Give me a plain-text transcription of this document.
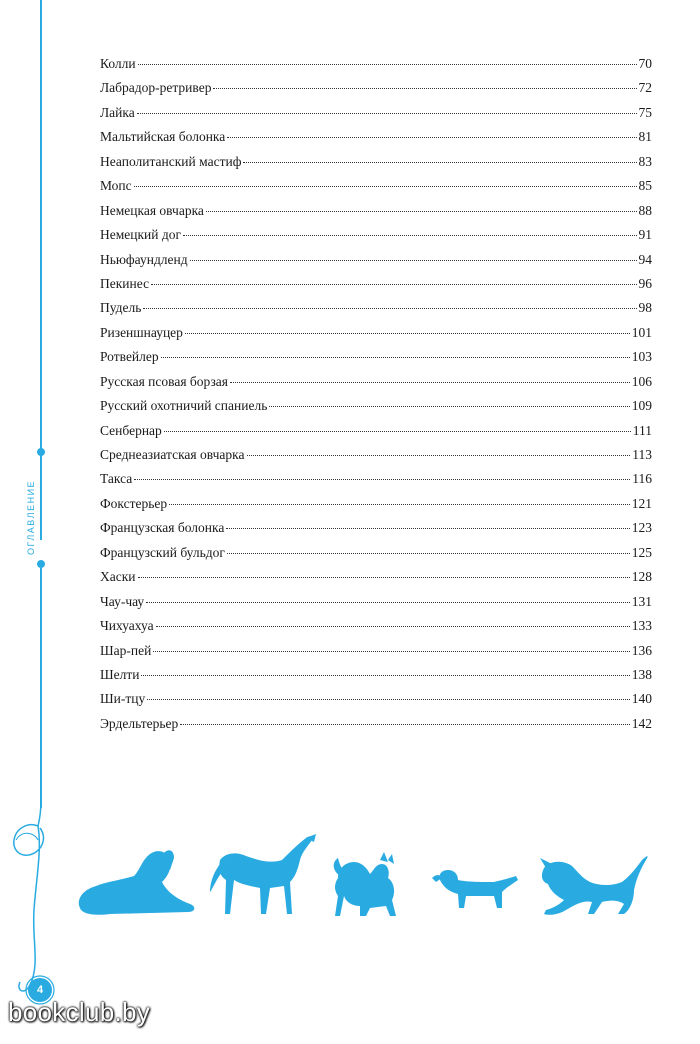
ОГЛАВЛЕНИЕ
Колли	70
Лабрадор-ретривер	72
Лайка	75
Мальтийская болонка	81
Неаполитанский мастиф	83
Мопс	85
Немецкая овчарка	88
Немецкий дог	91
Ньюфаундленд	94
Пекинес	96
Пудель	98
Ризеншнауцер	101
Ротвейлер	103
Русская псовая борзая	106
Русский охотничий спаниель	109
Сенбернар	111
Среднеазиатская овчарка	113
Такса	116
Фокстерьер	121
Французская болонка	123
Французский бульдог	125
Хаски	128
Чау-чау	131
Чихуахуа	133
Шар-пей	136
Шелти	138
Ши-тцу	140
Эрдельтерьер	142
4
bookclub.by
